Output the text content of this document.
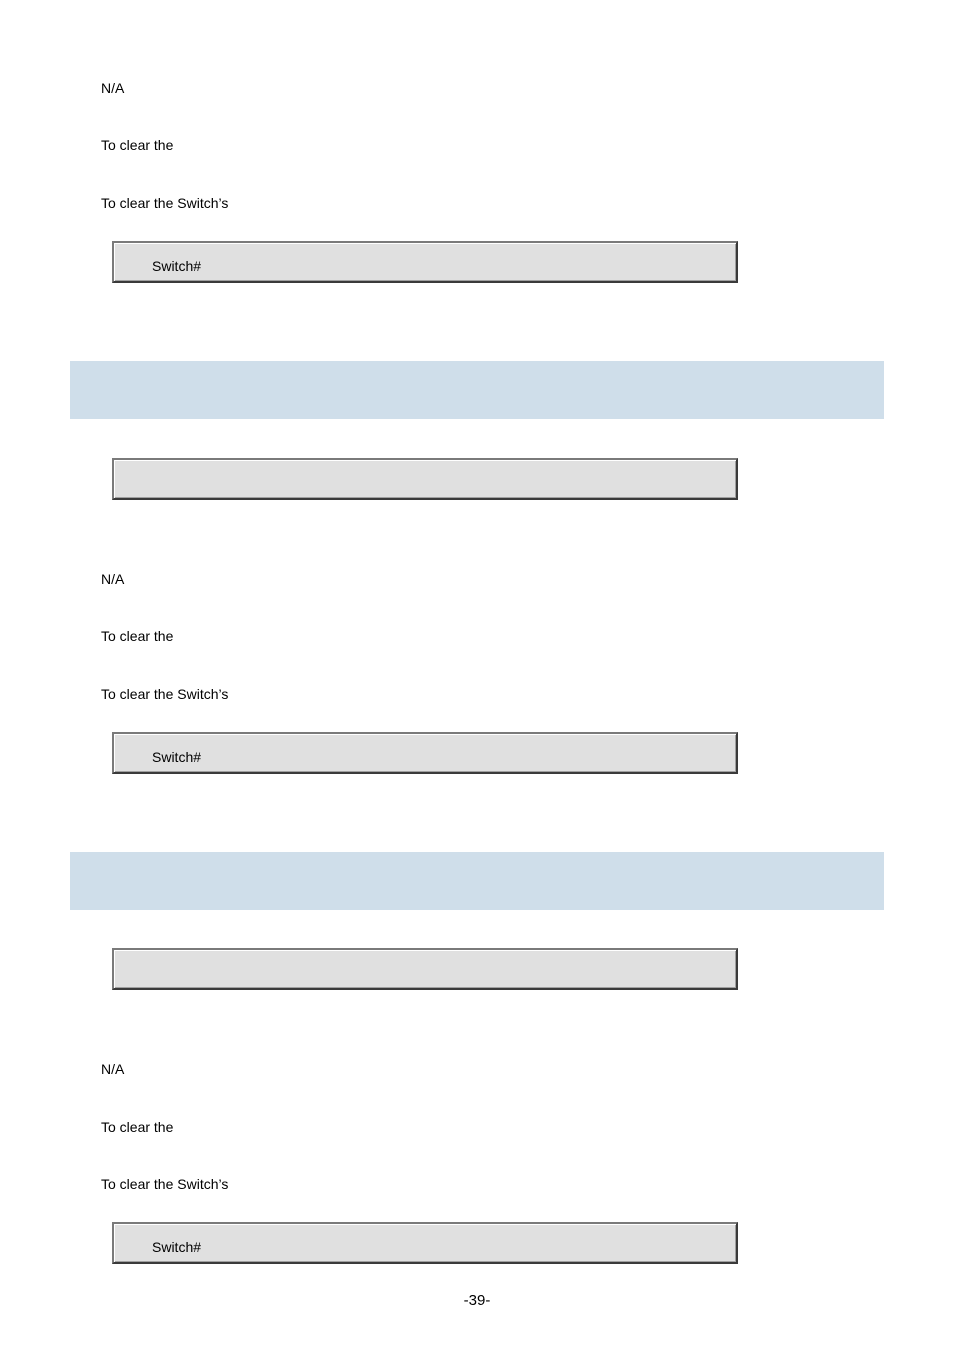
N/A
To clear the
To clear the Switch’s
Switch#
N/A
To clear the
To clear the Switch’s
Switch#
N/A
To clear the
To clear the Switch’s
Switch#
-39-
